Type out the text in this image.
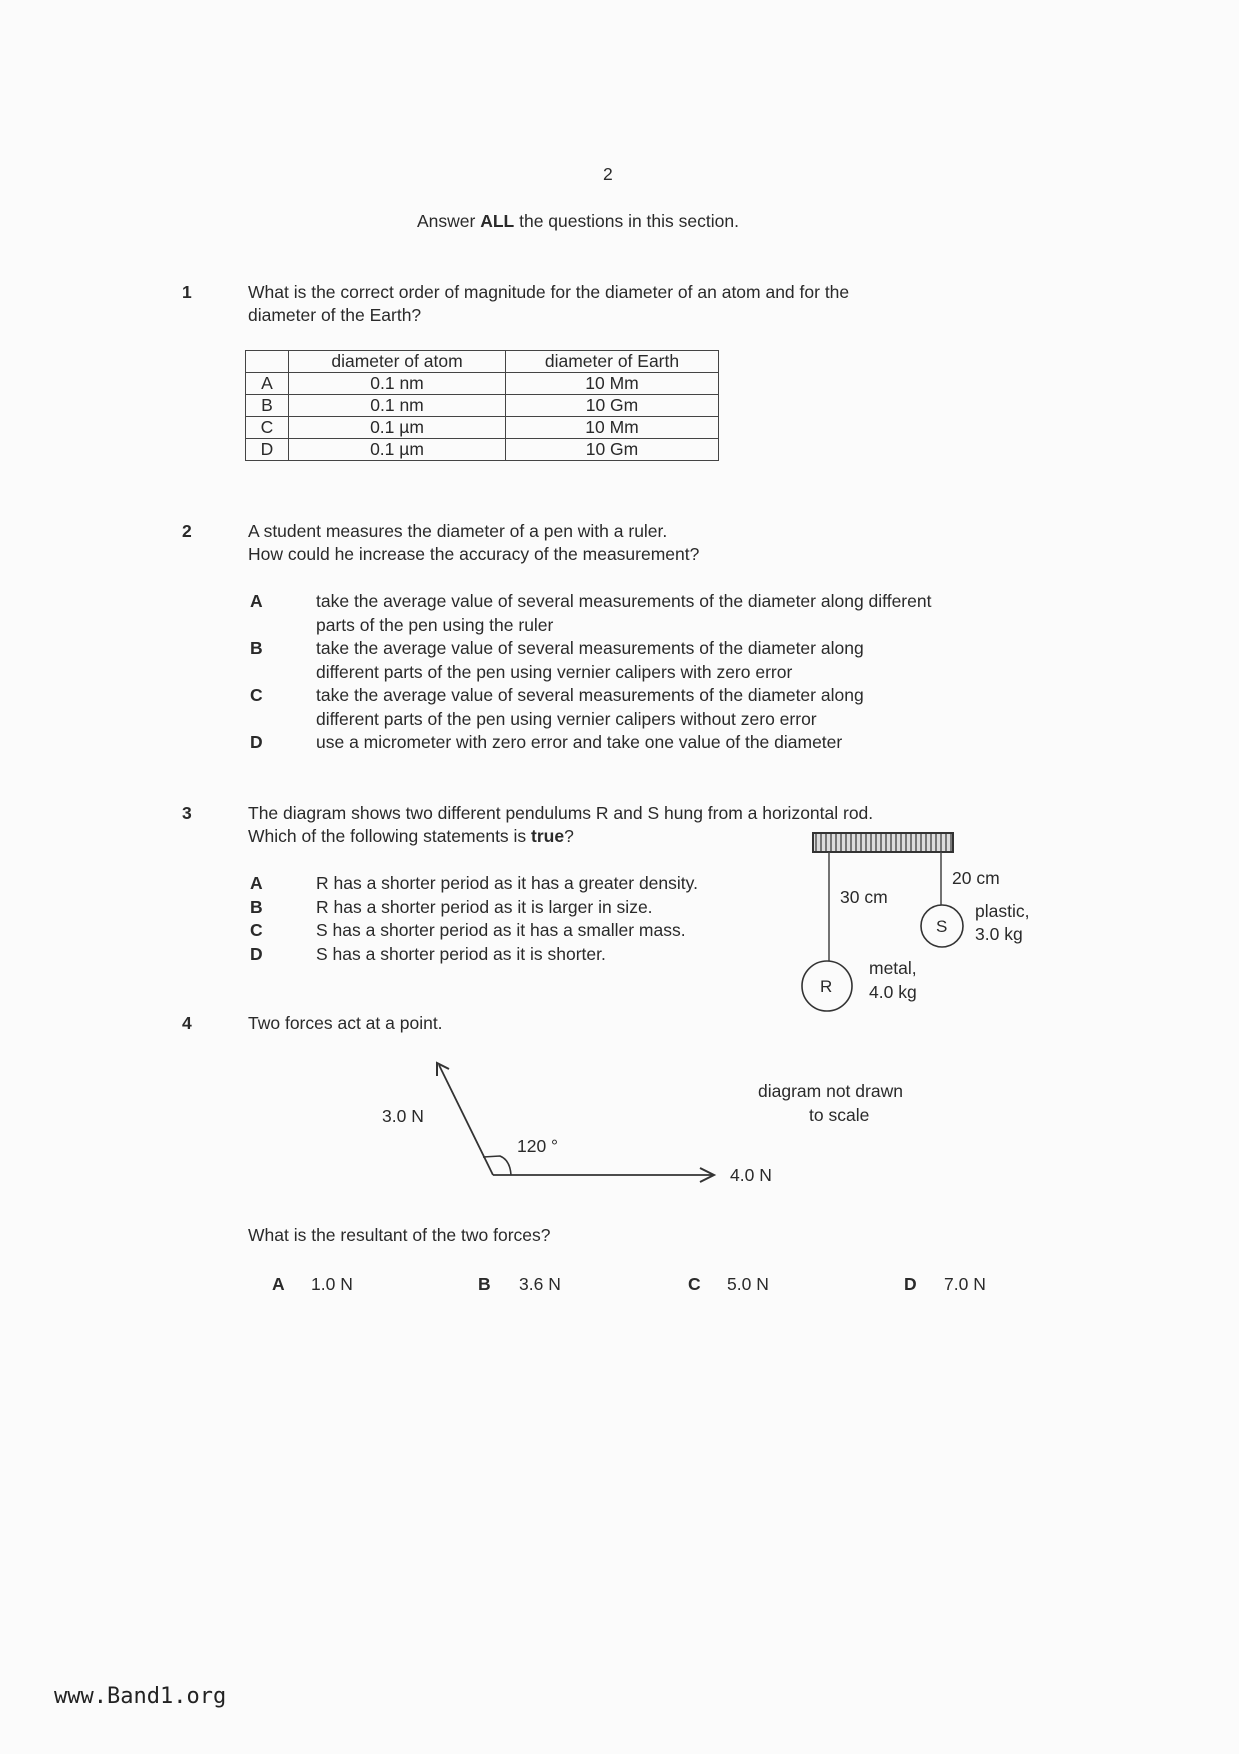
2
Answer ALL the questions in this section.
1	What is the correct order of magnitude for the diameter of an atom and for the
diameter of the Earth?
	diameter of atom	diameter of Earth
A	0.1 nm	10 Mm
B	0.1 nm	10 Gm
C	0.1 µm	10 Mm
D	0.1 µm	10 Gm
2	A student measures the diameter of a pen with a ruler.
How could he increase the accuracy of the measurement?
A	take the average value of several measurements of the diameter along different
parts of the pen using the ruler
B	take the average value of several measurements of the diameter along
different parts of the pen using vernier calipers with zero error
C	take the average value of several measurements of the diameter along
different parts of the pen using vernier calipers without zero error
D	use a micrometer with zero error and take one value of the diameter
3	The diagram shows two different pendulums R and S hung from a horizontal rod.
Which of the following statements is true?
A	R has a shorter period as it has a greater density.
B	R has a shorter period as it is larger in size.
C	S has a shorter period as it has a smaller mass.
D	S has a shorter period as it is shorter.
30 cm
20 cm
S
R
plastic,
3.0 kg
metal,
4.0 kg
4	Two forces act at a point.
3.0 N
120 °
4.0 N
diagram not drawn
to scale
What is the resultant of the two forces?
A 1.0 N	B 3.6 N	C 5.0 N	D 7.0 N
www.Band1.org
